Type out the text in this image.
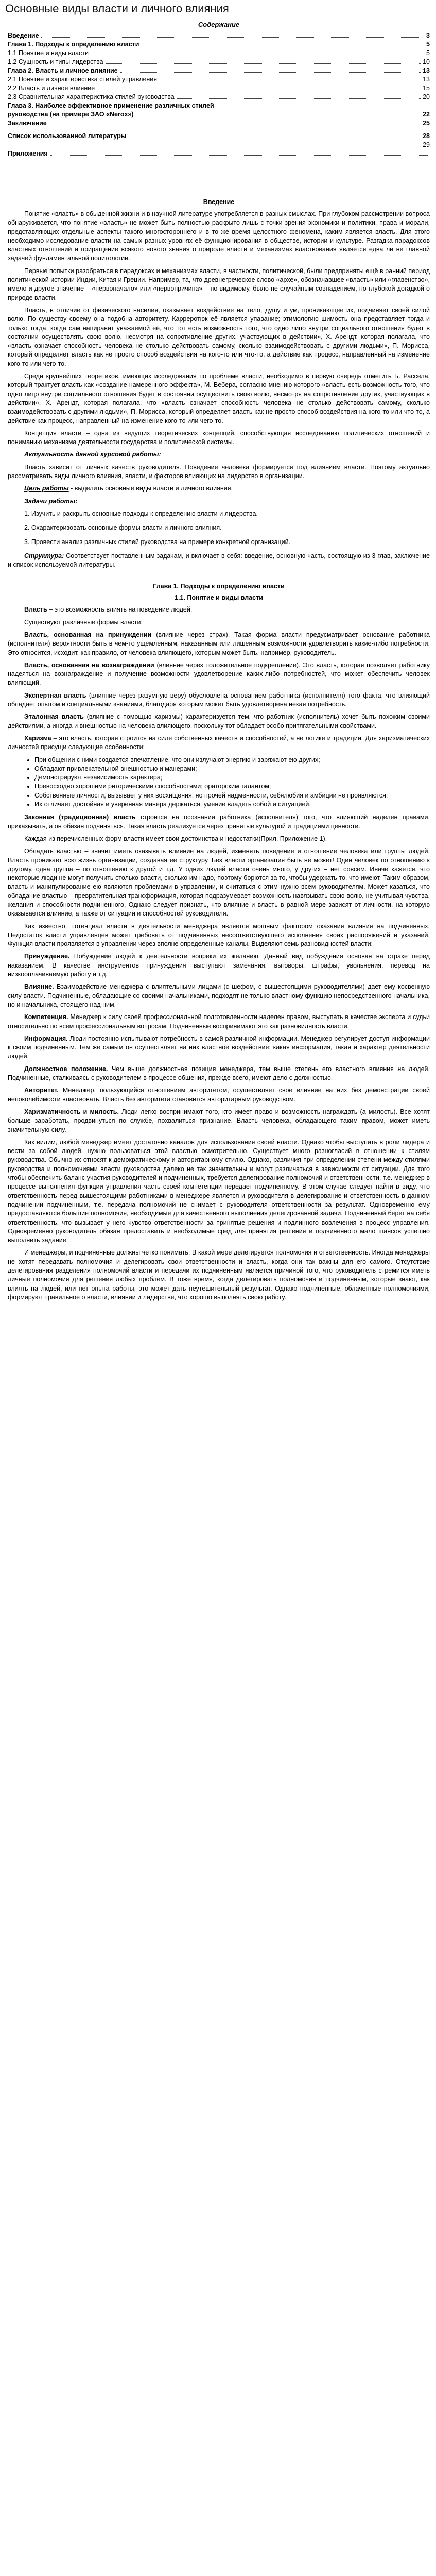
Основные виды власти и личного влияния
Содержание
Введение	3
Глава 1. Подходы к определению власти	5
1.1 Понятие и виды власти	5
1.2 Сущность и типы лидерства	10
Глава 2. Власть и личное влияние	13
2.1 Понятие и характеристика стилей управления	13
2.2 Власть и личное влияние	15
2.3 Сравнительная характеристика стилей руководства	20
Глава 3. Наиболее эффективное применение различных стилей
руководства (на примере ЗАО «Nerox»)	22
Заключение	25
Список использованной литературы	28
29
Приложения
Введение

Понятие «власть» в обыденной жизни и в научной литературе употребляется в разных смыслах. При глубоком рассмотрении вопроса обнаруживается, что понятие «власть» не может быть полностью раскрыто лишь с точки зрения экономики и политики, права и морали, представляющих отдельные аспекты такого многостороннего и в то же время целостного феномена, каким является власть. Для этого необходимо исследование власти на самых разных уровнях её функционирования в обществе, истории и культуре. Разгадка парадоксов властных отношений и приращение всякого нового знания о природе власти и механизмах властвования является едва ли не главной задачей фундаментальной политологии.

Первые попытки разобраться в парадоксах и механизмах власти, в частности, политической, были предприняты ещё в ранний период политической истории Индии, Китая и Греции. Например, та, что древнегреческое слово «архе», обозначавшее «власть» или «главенство», имело и другое значение – «первоначало» или «первопричина» – по-видимому, было не случайным совпадением, но глубокой догадкой о природе власти.

Власть, в отличие от физического насилия, оказывает воздействие на тело, душу и ум, проникающее их, подчиняет своей силой волю. По существу своему она подобна авторитету. Карреротюк её является упавание; этимологию шимость она представляет тогда и только тогда, когда сам напиравит уважаемой её, что тот есть возможность того, что одно лицо внутри социального отношения будет в состоянии осуществлять свою волю, несмотря на сопротивление других, участвующих в действии», Х. Арендт, которая полагала, что «власть означает способность человека не столько действовать самому, сколько взаимодействовать с другими людьми», П. Морисса, который определяет власть как не просто способ воздействия на кого-то или что-то, а действие как процесс, направленный на изменение кого-то или чего-то.

Среди крупнейших теоретиков, имеющих исследования по проблеме власти, необходимо в первую очередь отметить Б. Рассела, который трактует власть как «создание намеренного эффекта», М. Вебера, согласно мнению которого «власть есть возможность того, что одно лицо внутри социального отношения будет в состоянии осуществить свою волю, несмотря на сопротивление других, участвующих в действии», Х. Арендт, которая полагала, что «власть означает способность человека не столько действовать самому, сколько взаимодействовать с другими людьми», П. Морисса, который определяет власть как не просто способ воздействия на кого-то или что-то, а действие как процесс, направленный на изменение кого-то или чего-то.

Концепция власти – одна из ведущих теоретических концепций, способствующая исследованию политических отношений и пониманию механизма деятельности государства и политической системы.

Актуальность данной курсовой работы:

Власть зависит от личных качеств руководителя. Поведение человека формируется под влиянием власти. Поэтому актуально рассматривать виды личного влияния, власти, и факторов влияющих на лидерство в организации.

Цель работы - выделить основные виды власти и личного влияния.

Задачи работы:

1. Изучить и раскрыть основные подходы к определению власти и лидерства.
2. Охарактеризовать основные формы власти и личного влияния.
3. Провести анализ различных стилей руководства на примере конкретной организаций.

Структура: Соответствует поставленным задачам, и включает в себя: введение, основную часть, состоящую из 3 глав, заключение и список используемой литературы.

Глава 1. Подходы к определению власти
1.1. Понятие и виды власти

Власть – это возможность влиять на поведение людей.

Существуют различные формы власти:

Власть, основанная на принуждении (влияние через страх). Такая форма власти предусматривает основание работника (исполнителя) вероятности быть в чем-то ущемленным, наказанным или лишенным возможности удовлетворить какие-либо потребности. Это относится, исходит, как правило, от человека влияющего, которым может быть, например, руководитель.

Власть, основанная на вознаграждении (влияние через положительное подкрепление). Это власть, которая позволяет работнику надеяться на вознаграждение и получение возможности удовлетворение каких-либо потребностей, что может обеспечить человек влияющий.

Экспертная власть (влияние через разумную веру) обусловлена основанием работника (исполнителя) того факта, что влияющий обладает опытом и специальными знаниями, благодаря которым может быть удовлетворена некая потребность.

Эталонная власть (влияние с помощью харизмы) характеризуется тем, что работник (исполнитель) хочет быть похожим своими действиями, а иногда и внешностью на человека влияющего, поскольку тот обладает особо притягательными свойствами.

Харизма – это власть, которая строится на силе собственных качеств и способностей, а не логике и традиции. Для харизматических личностей присущи следующие особенности:

• При общении с ними создается впечатление, что они излучают энергию и заряжают ею других;
• Обладают привлекательной внешностью и манерами;
• Демонстрируют независимость характера;
• Превосходно хорошими риторическими способностями; ораторским талантом;
• Собственные личности, вызывает у них восхищения, но прочей надменности, себялюбия и амбиции не проявляются;
• Их отличает достойная и уверенная манера держаться, умение владеть собой и ситуацией.

Законная (традиционная) власть строится на осознании работника (исполнителя) того, что влияющий наделен правами, приказывать, а он обязан подчиняться. Такая власть реализуется через принятые культурой и традициями ценности.

Каждая из перечисленных форм власти имеет свои достоинства и недостатки(Прил. Приложение 1).

Обладать властью – значит иметь оказывать влияние на людей, изменять поведение и отношение человека или группы людей. Власть проникает всю жизнь организации, создавая её структуру. Без власти организация быть не может! Один человек по отношению к другому, одна группа – по отношению к другой и т.д. У одних людей власти очень много, у других – нет совсем. Иначе кажется, что некоторые люди не могут получить столько власти, сколько им надо, поэтому борются за то, чтобы удержать то, что имеют. Таким образом, власть и манипулирование ею являются проблемами в управлении, и считаться с этим нужно всем руководителям. Может казаться, что обладание властью – превратительная трансформация, которая подразумевает возможность навязывать свою волю, не учитывая чувства, желания и способности подчиненного. Однако следует признать, что влияние и власть в равной мере зависят от личности, на которую оказывается влияние, а также от ситуации и способностей руководителя.

Как известно, потенциал власти в деятельности менеджера является мощным фактором оказания влияния на подчиненных. Недостаток власти управленцев может требовать от подчиненных несоответствующего исполнения своих распоряжений и указаний. Функция власти проявляется в управлении через вполне определенные каналы. Выделяют семь разновидностей власти:

Принуждение. Побуждение людей к деятельности вопреки их желанию. Данный вид побуждения основан на страхе перед наказанием. В качестве инструментов принуждения выступают замечания, выговоры, штрафы, увольнения, перевод на низкооплачиваемую работу и т.д.

Влияние. Взаимодействие менеджера с влиятельными лицами (с шефом, с вышестоящими руководителями) дает ему косвенную силу власти. Подчиненные, обладающие со своими начальниками, подходят не только властному функцию непосредственного начальника, но и начальника, стоящего над ним.

Компетенция. Менеджер к силу своей профессиональной подготовленности наделен правом, выступать в качестве эксперта и судьи относительно по всем профессиональным вопросам. Подчиненные воспринимают это как разновидность власти.

Информация. Люди постоянно испытывают потребность в самой различной информации. Менеджер регулирует доступ информации к своим подчиненным. Тем же самым он осуществляет на них властное воздействие: какая информация, такая и характер деятельности людей.

Должностное положение. Чем выше должностная позиция менеджера, тем выше степень его властного влияния на людей. Подчиненные, сталкиваясь с руководителем в процессе общения, прежде всего, имеют дело с должностью.

Авторитет. Менеджер, пользующийся отношением авторитетом, осуществляет свое влияние на них без демонстрации своей непоколебимости властвовать. Власть без авторитета становится авторитарным руководством.

Харизматичность и милость. Люди легко воспринимают того, кто имеет право и возможность награждать (а милость). Все хотят больше заработать, продвинуться по службе, похвалиться признание. Власть человека, обладающего таким правом, может иметь значительную силу.

Как видим, любой менеджер имеет достаточно каналов для использования своей власти. Однако чтобы выступить в роли лидера и вести за собой людей, нужно пользоваться этой властью осмотрительно. Существует много разногласий в отношении к стилям руководства. Обычно их относят к демократическому и авторитарному стилю. Однако, различия при определении степени между стилями руководства и полномочиями власти руководства далеко не так значительны и могут различаться в зависимости от ситуации. Для того чтобы обеспечить баланс участия руководителей и подчиненных, требуется делегирование полномочий и ответственности, т.е. менеджер в процессе выполнения функции управления часть своей компетенции передает подчиненному. В этом случае следует найти в виду, что ответственность перед вышестоящими работниками в менеджере является и руководителя в делегирование и ответственность в данном подчинении подчинённым, т.е. передача полномочий не снимает с руководителя ответственности за результат. Одновременно ему предоставляются большие полномочия, необходимые для качественного выполнения делегированной задачи. Подчиненный берет на себя ответственность, что вызывает у него чувство ответственности за принятые решения и подлинного вовлечения в процесс управления. Одновременно руководитель обязан предоставить и необходимые сред для принятия решения и подчиненного мало шансов успешно выполнить задание.

И менеджеры, и подчиненные должны четко понимать: В какой мере делегируется полномочия и ответственность. Иногда менеджеры не хотят передавать полномочия и делегировать свои ответственности и власть, когда они так важны для его самого. Отсутствие делегирования разделения полномочий власти и передачи их подчиненным является причиной того, что руководитель стремится иметь личные полномочия для решения любых проблем. В тоже время, когда делегировать полномочия и подчиненным, которые знают, как влиять на людей, или нет опыта работы, это может дать неутешительный результат. Однако подчиненные, облаченные полномочиями, формируют правильное о власти, влиянии и лидерстве, что хорошо выполнять свою работу.
